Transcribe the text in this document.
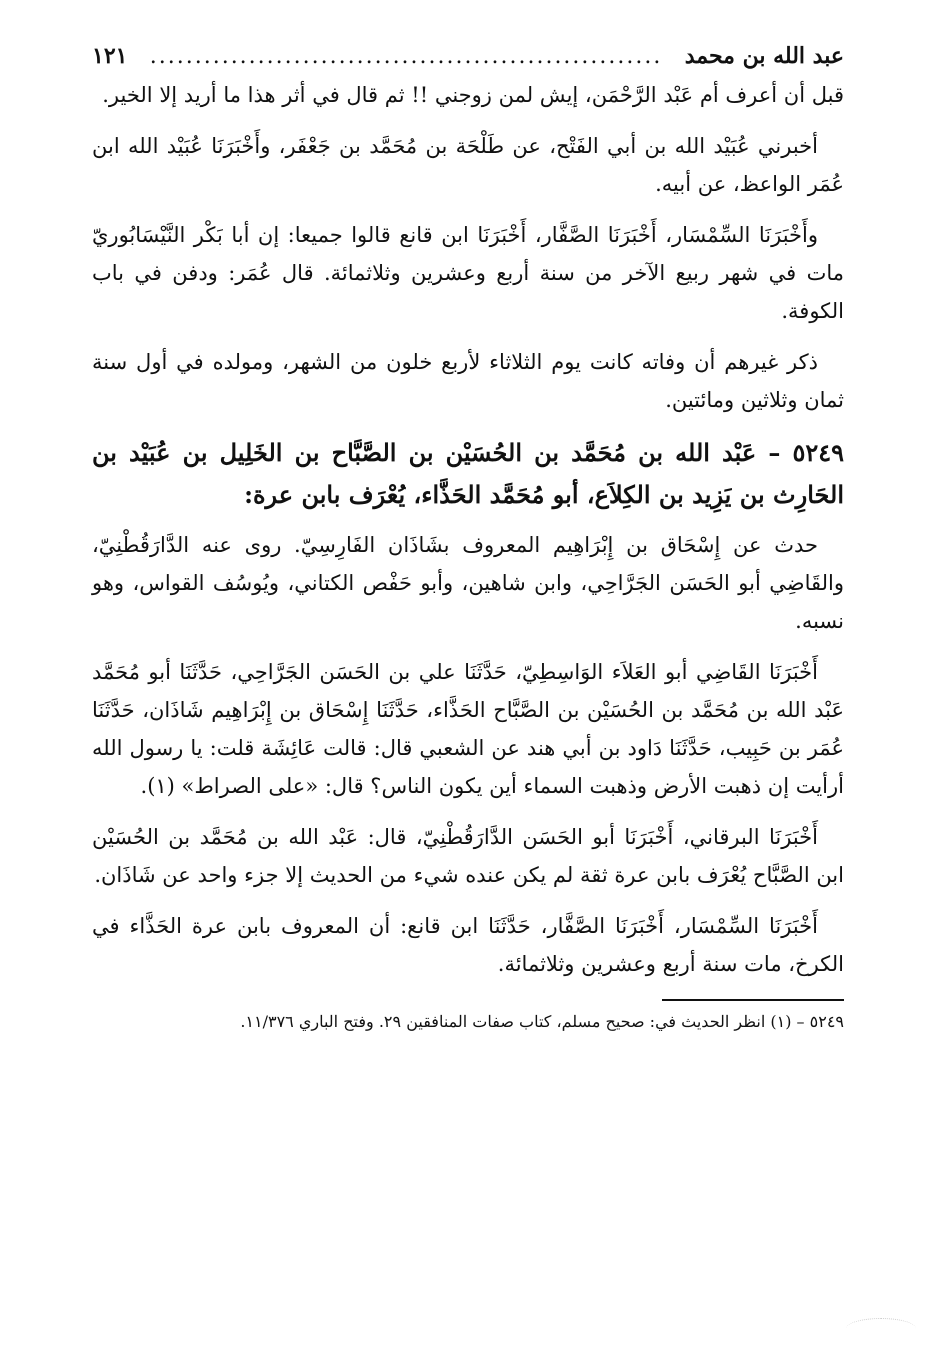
عبد الله بن محمد
.........................................................
١٢١

قبل أن أعرف أم عَبْد الرَّحْمَن، إيش لمن زوجني !! ثم قال في أثر هذا ما أريد إلا الخير.

أخبرني عُبَيْد الله بن أبي الفَتْح، عن طَلْحَة بن مُحَمَّد بن جَعْفَر، وأَخْبَرَنَا عُبَيْد الله ابن عُمَر الواعظ، عن أبيه.

وأَخْبَرَنَا السِّمْسَار، أَخْبَرَنَا الصَّفَّار، أَخْبَرَنَا ابن قانع قالوا جميعا: إن أبا بَكْر النَّيْسَابُوريّ مات في شهر ربيع الآخر من سنة أربع وعشرين وثلاثمائة. قال عُمَر: ودفن في باب الكوفة.

ذكر غيرهم أن وفاته كانت يوم الثلاثاء لأربع خلون من الشهر، ومولده في أول سنة ثمان وثلاثين ومائتين.

٥٢٤٩ – عَبْد الله بن مُحَمَّد بن الحُسَيْن بن الصَّبَّاح بن الخَلِيل بن عُبَيْد بن الحَارِث بن يَزِيد بن الكِلاَع، أبو مُحَمَّد الحَذَّاء، يُعْرَف بابن عرة:

حدث عن إِسْحَاق بن إِبْرَاهِيم المعروف بشَاذَان الفَارِسِيّ. روى عنه الدَّارَقُطْنِيّ، والقَاضِي أبو الحَسَن الجَرَّاحِي، وابن شاهين، وأبو حَفْص الكتاني، ويُوسُف القواس، وهو نسبه.

أَخْبَرَنَا القَاضِي أبو العَلاَء الوَاسِطِيّ، حَدَّثَنَا علي بن الحَسَن الجَرَّاحِي، حَدَّثَنَا أبو مُحَمَّد عَبْد الله بن مُحَمَّد بن الحُسَيْن بن الصَّبَّاح الحَذَّاء، حَدَّثَنَا إِسْحَاق بن إِبْرَاهِيم شَاذَان، حَدَّثَنَا عُمَر بن حَبِيب، حَدَّثَنَا دَاود بن أبي هند عن الشعبي قال: قالت عَائِشَة قلت: يا رسول الله أرأيت إن ذهبت الأرض وذهبت السماء أين يكون الناس؟ قال: «على الصراط» (١).

أَخْبَرَنَا البرقاني، أَخْبَرَنَا أبو الحَسَن الدَّارَقُطْنِيّ، قال: عَبْد الله بن مُحَمَّد بن الحُسَيْن ابن الصَّبَّاح يُعْرَف بابن عرة ثقة لم يكن عنده شيء من الحديث إلا جزء واحد عن شَاذَان.

أَخْبَرَنَا السِّمْسَار، أَخْبَرَنَا الصَّفَّار، حَدَّثَنَا ابن قانع: أن المعروف بابن عرة الحَذَّاء في الكرخ، مات سنة أربع وعشرين وثلاثمائة.

٥٢٤٩ – (١) انظر الحديث في: صحيح مسلم، كتاب صفات المنافقين ٢٩. وفتح الباري ١١/٣٧٦.
